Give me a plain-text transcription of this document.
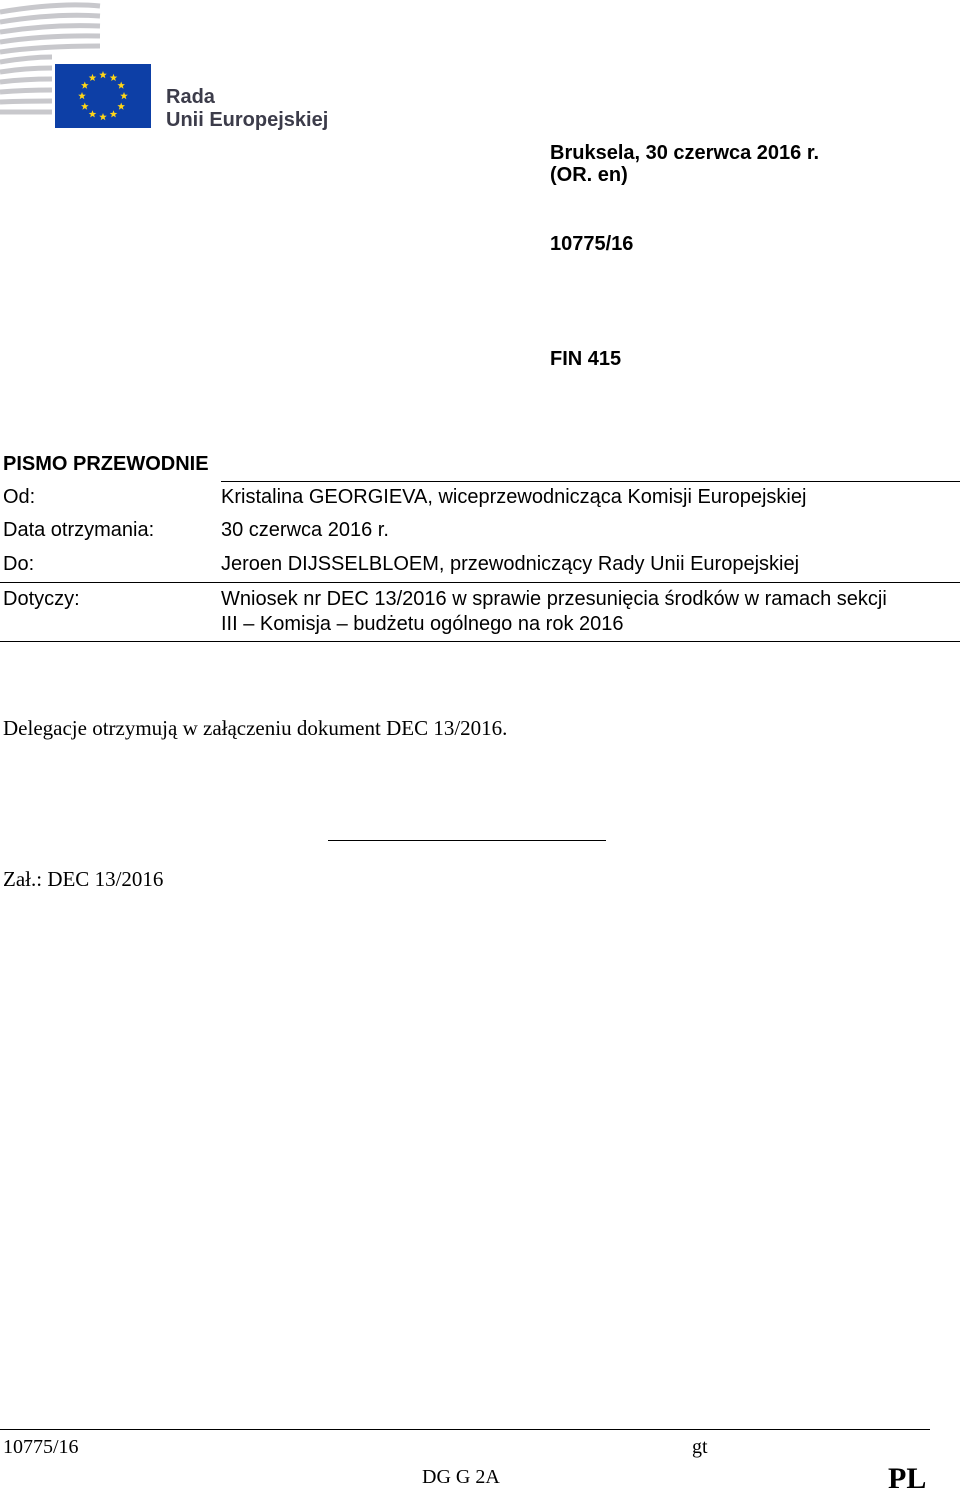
Rada
Unii Europejskiej
Bruksela, 30 czerwca 2016 r.
(OR. en)
10775/16
FIN 415
PISMO PRZEWODNIE
Od:	Kristalina GEORGIEVA, wiceprzewodnicząca Komisji Europejskiej
Data otrzymania:	30 czerwca 2016 r.
Do:	Jeroen DIJSSELBLOEM, przewodniczący Rady Unii Europejskiej
Dotyczy:	Wniosek nr DEC 13/2016 w sprawie przesunięcia środków w ramach sekcji
III – Komisja – budżetu ogólnego na rok 2016
Delegacje otrzymują w załączeniu dokument DEC 13/2016.
Zał.: DEC 13/2016
10775/16	gt
DG G 2A	PL
